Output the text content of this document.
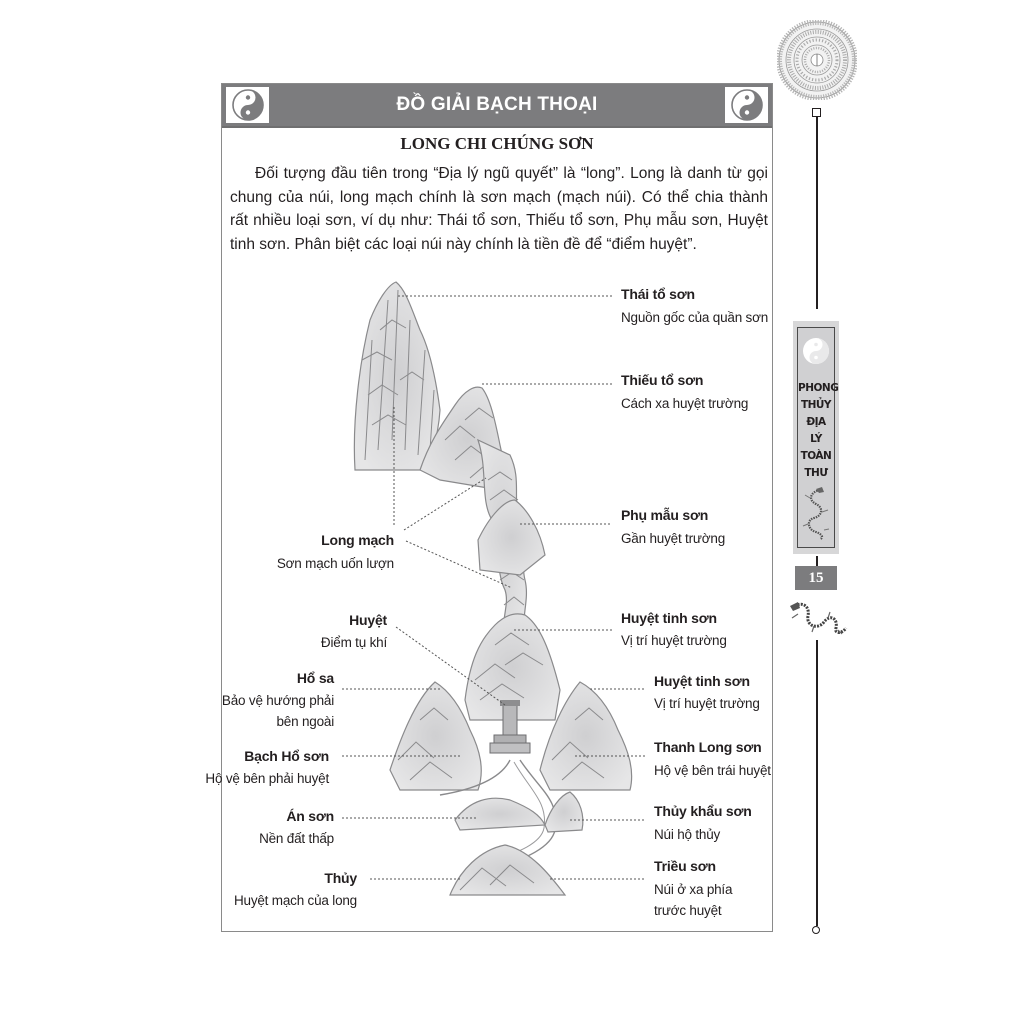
PHONG
THỦY
ĐỊA
LÝ
TOÀN
THƯ
15
ĐỒ GIẢI BẠCH THOẠI
LONG CHI CHÚNG SƠN

Đối tượng đầu tiên trong “Địa lý ngũ quyết” là “long”. Long là danh từ gọi chung của núi, long mạch chính là sơn mạch (mạch núi). Có thể chia thành rất nhiều loại sơn, ví dụ như: Thái tổ sơn, Thiếu tổ sơn, Phụ mẫu sơn, Huyệt tinh sơn. Phân biệt các loại núi này chính là tiền đề để “điểm huyệt”.

Thái tổ sơn
Nguồn gốc của quần sơn
Thiếu tổ sơn
Cách xa huyệt trường
Phụ mẫu sơn
Gần huyệt trường
Huyệt tinh sơn
Vị trí huyệt trường
Huyệt tinh sơn
Vị trí huyệt trường
Thanh Long sơn
Hộ vệ bên trái huyệt
Thủy khẩu sơn
Núi hộ thủy
Triều sơn
Núi ở xa phía
trước huyệt
Long mạch
Sơn mạch uốn lượn
Huyệt
Điểm tụ khí
Hổ sa
Bảo vệ hướng phải
bên ngoài
Bạch Hổ sơn
Hộ vệ bên phải huyệt
Án sơn
Nền đất thấp
Thủy
Huyệt mạch của long
